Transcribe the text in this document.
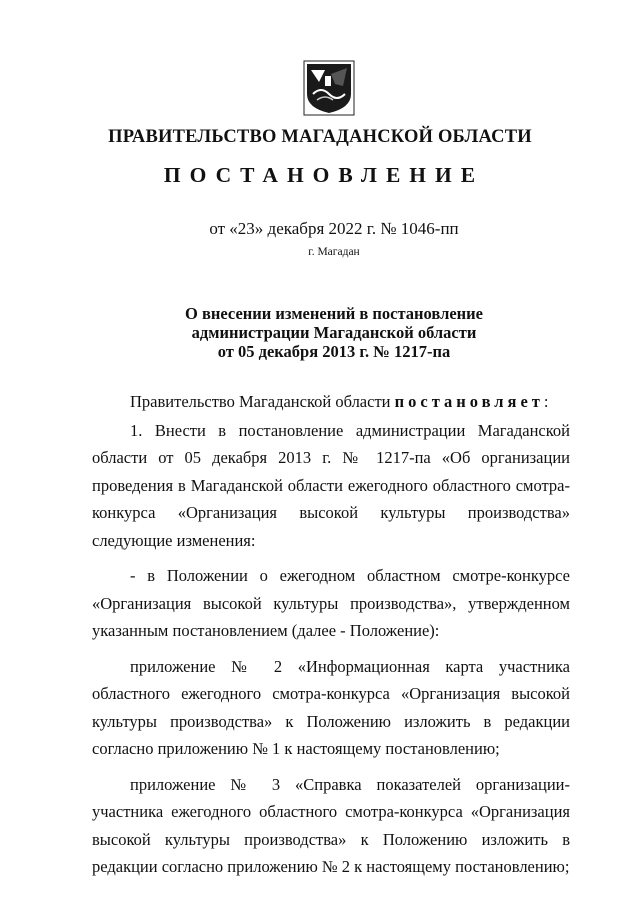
ПРАВИТЕЛЬСТВО МАГАДАНСКОЙ ОБЛАСТИ
ПОСТАНОВЛЕНИЕ
от «23» декабря 2022 г. № 1046-пп
г. Магадан
О внесении изменений в постановление
администрации Магаданской области
от 05 декабря 2013 г. № 1217-па

Правительство Магаданской области постановляет:

1. Внести в постановление администрации Магаданской области от 05 декабря 2013 г. № 1217-па «Об организации проведения в Магаданской области ежегодного областного смотра-конкурса «Организация высокой культуры производства» следующие изменения:

- в Положении о ежегодном областном смотре-конкурсе «Организация высокой культуры производства», утвержденном указанным постановлением (далее - Положение):

приложение № 2 «Информационная карта участника областного ежегодного смотра-конкурса «Организация высокой культуры производства» к Положению изложить в редакции согласно приложению № 1 к настоящему постановлению;

приложение № 3 «Справка показателей организации-участника ежегодного областного смотра-конкурса «Организация высокой культуры производства» к Положению изложить в редакции согласно приложению № 2 к настоящему постановлению;
